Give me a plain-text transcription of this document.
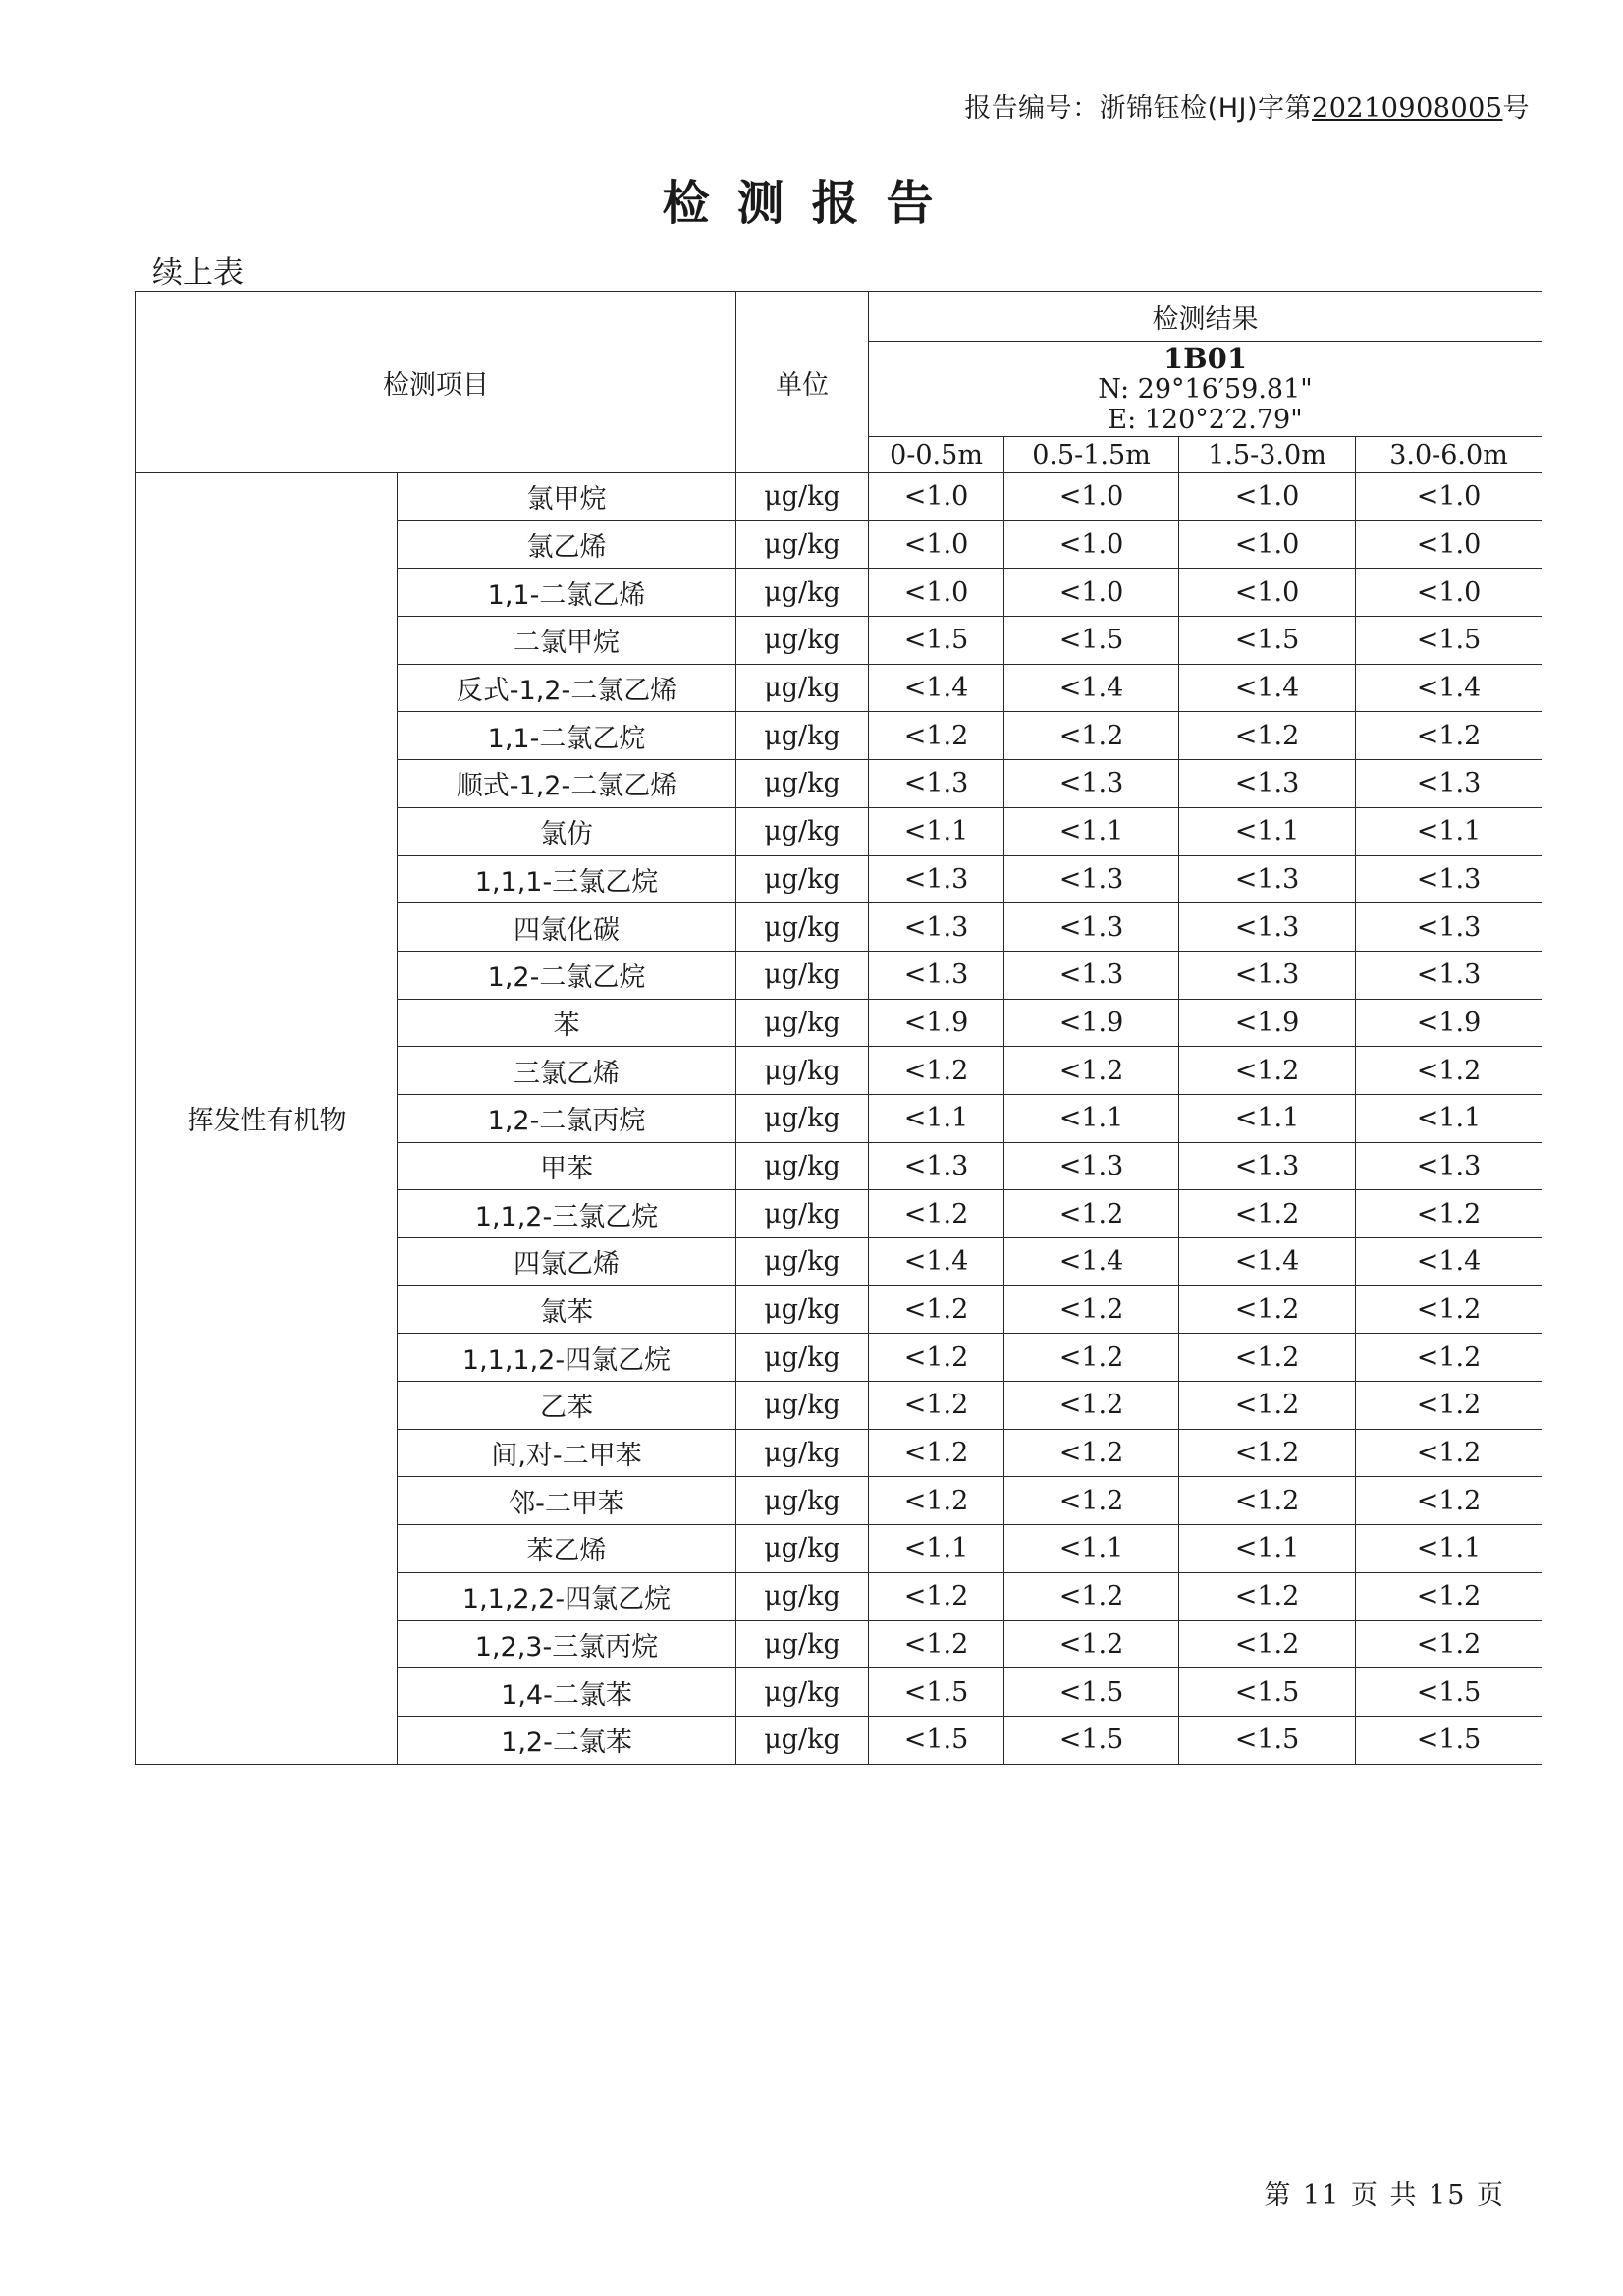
报告编号：浙锦钰检(HJ)字第20210908005号
检测报告
续上表
检测项目		单位	检测结果			

			1B01
N: 29°16′59.81"
E: 120°2′2.79"			

			0-0.5m	0.5-1.5m	1.5-3.0m	3.0-6.0m
挥发性有机物	氯甲烷	μg/kg	<1.0	<1.0	<1.0	<1.0
	氯乙烯	μg/kg	<1.0	<1.0	<1.0	<1.0
	1,1-二氯乙烯	μg/kg	<1.0	<1.0	<1.0	<1.0
	二氯甲烷	μg/kg	<1.5	<1.5	<1.5	<1.5
	反式-1,2-二氯乙烯	μg/kg	<1.4	<1.4	<1.4	<1.4
	1,1-二氯乙烷	μg/kg	<1.2	<1.2	<1.2	<1.2
	顺式-1,2-二氯乙烯	μg/kg	<1.3	<1.3	<1.3	<1.3
	氯仿	μg/kg	<1.1	<1.1	<1.1	<1.1
	1,1,1-三氯乙烷	μg/kg	<1.3	<1.3	<1.3	<1.3
	四氯化碳	μg/kg	<1.3	<1.3	<1.3	<1.3
	1,2-二氯乙烷	μg/kg	<1.3	<1.3	<1.3	<1.3
	苯	μg/kg	<1.9	<1.9	<1.9	<1.9
	三氯乙烯	μg/kg	<1.2	<1.2	<1.2	<1.2
	1,2-二氯丙烷	μg/kg	<1.1	<1.1	<1.1	<1.1
	甲苯	μg/kg	<1.3	<1.3	<1.3	<1.3
	1,1,2-三氯乙烷	μg/kg	<1.2	<1.2	<1.2	<1.2
	四氯乙烯	μg/kg	<1.4	<1.4	<1.4	<1.4
	氯苯	μg/kg	<1.2	<1.2	<1.2	<1.2
	1,1,1,2-四氯乙烷	μg/kg	<1.2	<1.2	<1.2	<1.2
	乙苯	μg/kg	<1.2	<1.2	<1.2	<1.2
	间,对-二甲苯	μg/kg	<1.2	<1.2	<1.2	<1.2
	邻-二甲苯	μg/kg	<1.2	<1.2	<1.2	<1.2
	苯乙烯	μg/kg	<1.1	<1.1	<1.1	<1.1
	1,1,2,2-四氯乙烷	μg/kg	<1.2	<1.2	<1.2	<1.2
	1,2,3-三氯丙烷	μg/kg	<1.2	<1.2	<1.2	<1.2
	1,4-二氯苯	μg/kg	<1.5	<1.5	<1.5	<1.5
	1,2-二氯苯	μg/kg	<1.5	<1.5	<1.5	<1.5
第 11 页 共 15 页
